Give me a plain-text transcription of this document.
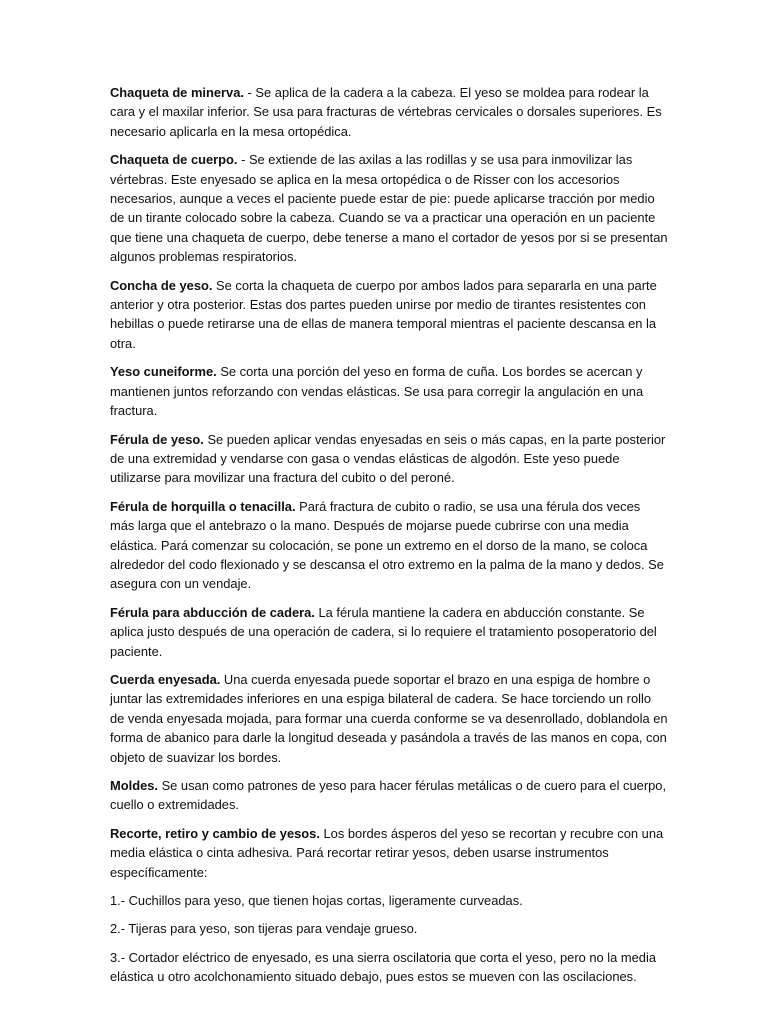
Chaqueta de minerva. - Se aplica de la cadera a la cabeza. El yeso se moldea para rodear la cara y el maxilar inferior. Se usa para fracturas de vértebras cervicales o dorsales superiores. Es necesario aplicarla en la mesa ortopédica.

Chaqueta de cuerpo. - Se extiende de las axilas a las rodillas y se usa para inmovilizar las vértebras. Este enyesado se aplica en la mesa ortopédica o de Risser con los accesorios necesarios, aunque a veces el paciente puede estar de pie: puede aplicarse tracción por medio de un tirante colocado sobre la cabeza. Cuando se va a practicar una operación en un paciente que tiene una chaqueta de cuerpo, debe tenerse a mano el cortador de yesos por si se presentan algunos problemas respiratorios.

Concha de yeso. Se corta la chaqueta de cuerpo por ambos lados para separarla en una parte anterior y otra posterior. Estas dos partes pueden unirse por medio de tirantes resistentes con hebillas o puede retirarse una de ellas de manera temporal mientras el paciente descansa en la otra.

Yeso cuneiforme. Se corta una porción del yeso en forma de cuña. Los bordes se acercan y mantienen juntos reforzando con vendas elásticas. Se usa para corregir la angulación en una fractura.

Férula de yeso. Se pueden aplicar vendas enyesadas en seis o más capas, en la parte posterior de una extremidad y vendarse con gasa o vendas elásticas de algodón. Este yeso puede utilizarse para movilizar una fractura del cubito o del peroné.

Férula de horquilla o tenacilla. Pará fractura de cubito o radio, se usa una férula dos veces más larga que el antebrazo o la mano. Después de mojarse puede cubrirse con una media elástica. Pará comenzar su colocación, se pone un extremo en el dorso de la mano, se coloca alrededor del codo flexionado y se descansa el otro extremo en la palma de la mano y dedos. Se asegura con un vendaje.

Férula para abducción de cadera. La férula mantiene la cadera en abducción constante. Se aplica justo después de una operación de cadera, si lo requiere el tratamiento posoperatorio del paciente.

Cuerda enyesada. Una cuerda enyesada puede soportar el brazo en una espiga de hombre o juntar las extremidades inferiores en una espiga bilateral de cadera. Se hace torciendo un rollo de venda enyesada mojada, para formar una cuerda conforme se va desenrollado, doblandola en forma de abanico para darle la longitud deseada y pasándola a través de las manos en copa, con objeto de suavizar los bordes.

Moldes. Se usan como patrones de yeso para hacer férulas metálicas o de cuero para el cuerpo, cuello o extremidades.

Recorte, retiro y cambio de yesos. Los bordes ásperos del yeso se recortan y recubre con una media elástica o cinta adhesiva. Pará recortar retirar yesos, deben usarse instrumentos específicamente:

1.- Cuchillos para yeso, que tienen hojas cortas, ligeramente curveadas.

2.- Tijeras para yeso, son tijeras para vendaje grueso.

3.- Cortador eléctrico de enyesado, es una sierra oscilatoria que corta el yeso, pero no la media elástica u otro acolchonamiento situado debajo, pues estos se mueven con las oscilaciones.
